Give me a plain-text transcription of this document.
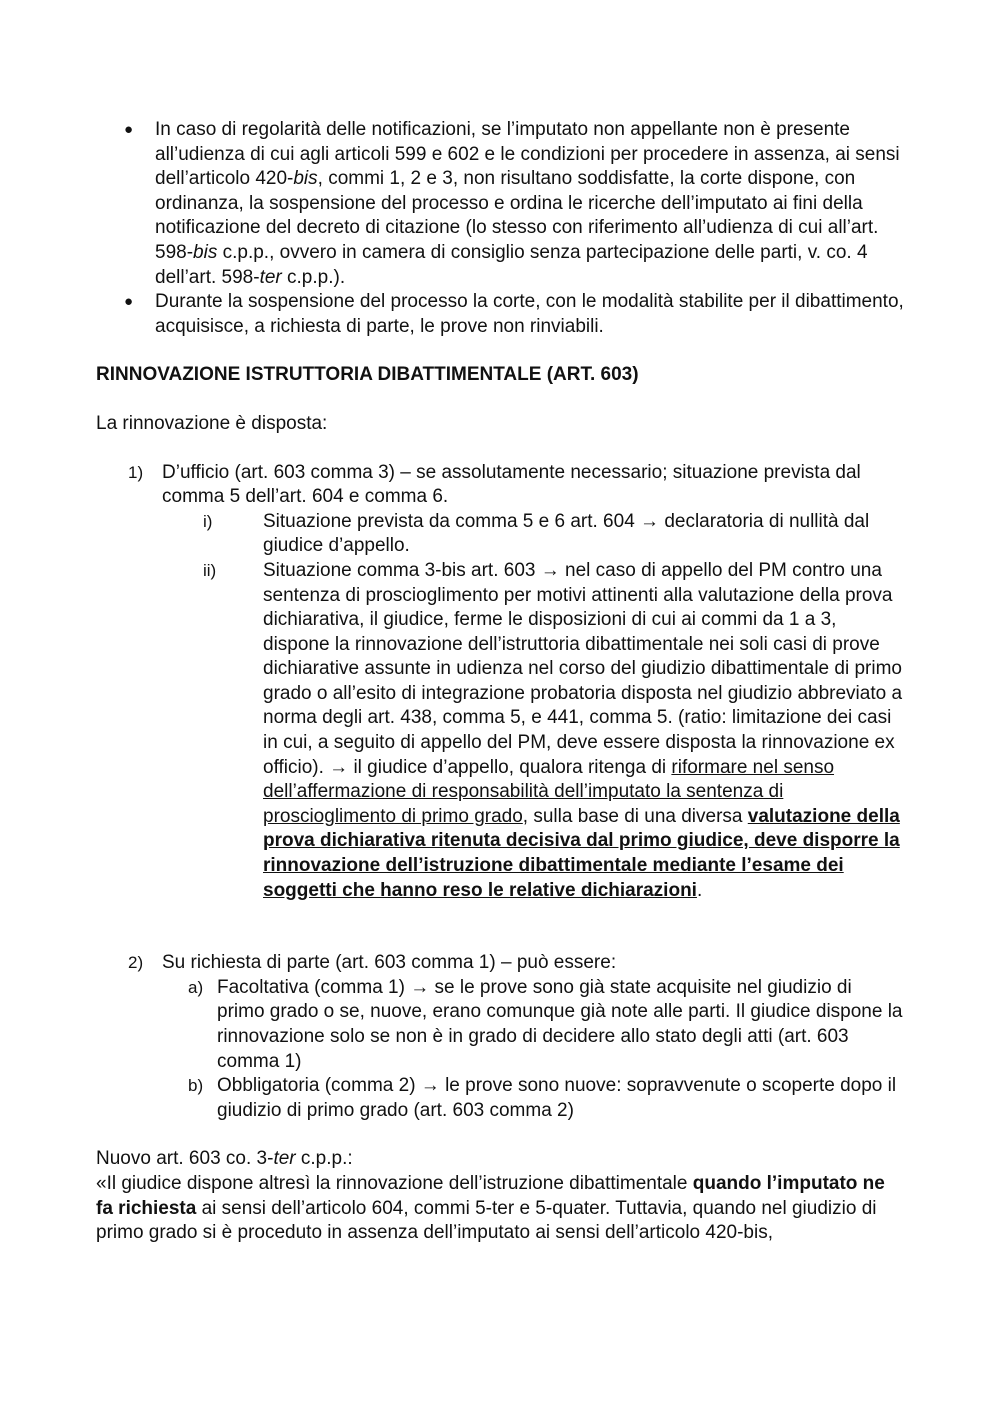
● In caso di regolarità delle notificazioni, se l’imputato non appellante non è presente all’udienza di cui agli articoli 599 e 602 e le condizioni per procedere in assenza, ai sensi dell’articolo 420-bis, commi 1, 2 e 3, non risultano soddisfatte, la corte dispone, con ordinanza, la sospensione del processo e ordina le ricerche dell’imputato ai fini della notificazione del decreto di citazione (lo stesso con riferimento all’udienza di cui all’art. 598-bis c.p.p., ovvero in camera di consiglio senza partecipazione delle parti, v. co. 4 dell’art. 598-ter c.p.p.).

● Durante la sospensione del processo la corte, con le modalità stabilite per il dibattimento, acquisisce, a richiesta di parte, le prove non rinviabili.

RINNOVAZIONE ISTRUTTORIA DIBATTIMENTALE (ART. 603)

La rinnovazione è disposta:

1) D’ufficio (art. 603 comma 3) – se assolutamente necessario; situazione prevista dal comma 5 dell’art. 604 e comma 6.

i)	Situazione prevista da comma 5 e 6 art. 604 → declaratoria di nullità dal giudice d’appello.

ii) Situazione comma 3-bis art. 603 → nel caso di appello del PM contro una sentenza di proscioglimento per motivi attinenti alla valutazione della prova dichiarativa, il giudice, ferme le disposizioni di cui ai commi da 1 a 3, dispone la rinnovazione dell’istruttoria dibattimentale nei soli casi di prove dichiarative assunte in udienza nel corso del giudizio dibattimentale di primo grado o all’esito di integrazione probatoria disposta nel giudizio abbreviato a norma degli art. 438, comma 5, e 441, comma 5. (ratio: limitazione dei casi in cui, a seguito di appello del PM, deve essere disposta la rinnovazione ex officio). → il giudice d’appello, qualora ritenga di riformare nel senso dell’affermazione di responsabilità dell’imputato la sentenza di proscioglimento di primo grado, sulla base di una diversa valutazione della prova dichiarativa ritenuta decisiva dal primo giudice, deve disporre la rinnovazione dell’istruzione dibattimentale mediante l’esame dei soggetti che hanno reso le relative dichiarazioni.

2) Su richiesta di parte (art. 603 comma 1) – può essere:

a) Facoltativa (comma 1) → se le prove sono già state acquisite nel giudizio di primo grado o se, nuove, erano comunque già note alle parti. Il giudice dispone la rinnovazione solo se non è in grado di decidere allo stato degli atti (art. 603 comma 1)

b) Obbligatoria (comma 2) → le prove sono nuove: sopravvenute o scoperte dopo il giudizio di primo grado (art. 603 comma 2)

Nuovo art. 603 co. 3-ter c.p.p.:

«Il giudice dispone altresì la rinnovazione dell’istruzione dibattimentale quando l’imputato ne fa richiesta ai sensi dell’articolo 604, commi 5-ter e 5-quater. Tuttavia, quando nel giudizio di primo grado si è proceduto in assenza dell’imputato ai sensi dell’articolo 420-bis,
